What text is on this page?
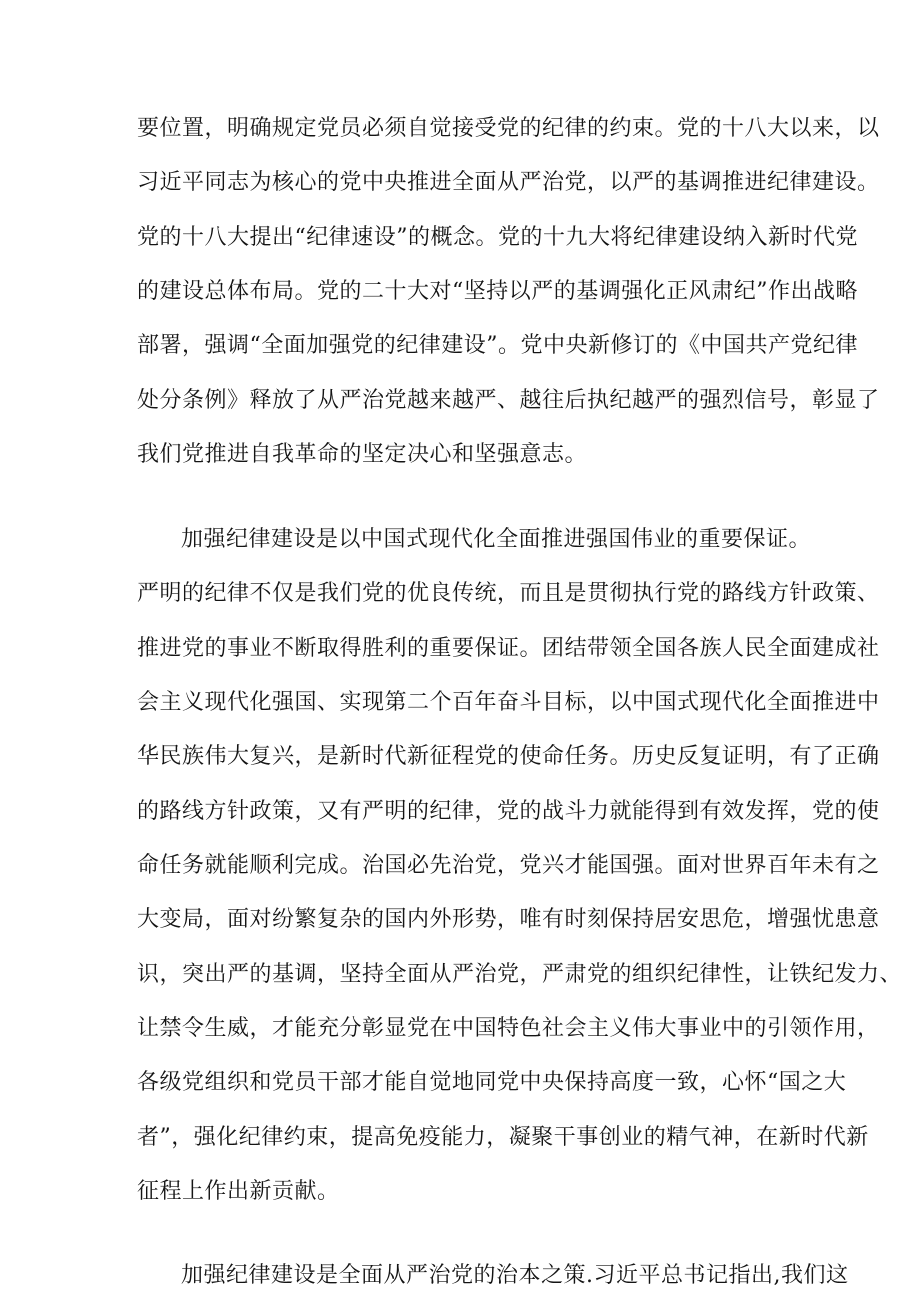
要位置，明确规定党员必须自觉接受党的纪律的约束。党的十八大以来，以
习近平同志为核心的党中央推进全面从严治党，以严的基调推进纪律建设。
党的十八大提出“纪律速设”的概念。党的十九大将纪律建设纳入新时代党
的建设总体布局。党的二十大对“坚持以严的基调强化正风肃纪”作出战略
部署，强调“全面加强党的纪律建设”。党中央新修订的《中国共产党纪律
处分条例》释放了从严治党越来越严、越往后执纪越严的强烈信号，彰显了
我们党推进自我革命的坚定决心和坚强意志。
加强纪律建设是以中国式现代化全面推进强国伟业的重要保证。
严明的纪律不仅是我们党的优良传统，而且是贯彻执行党的路线方针政策、
推进党的事业不断取得胜利的重要保证。团结带领全国各族人民全面建成社
会主义现代化强国、实现第二个百年奋斗目标，以中国式现代化全面推进中
华民族伟大复兴，是新时代新征程党的使命任务。历史反复证明，有了正确
的路线方针政策，又有严明的纪律，党的战斗力就能得到有效发挥，党的使
命任务就能顺利完成。治国必先治党，党兴才能国强。面对世界百年未有之
大变局，面对纷繁复杂的国内外形势，唯有时刻保持居安思危，增强忧患意
识，突出严的基调，坚持全面从严治党，严肃党的组织纪律性，让铁纪发力、
让禁令生威，才能充分彰显党在中国特色社会主义伟大事业中的引领作用，
各级党组织和党员干部才能自觉地同党中央保持高度一致，心怀“国之大
者”，强化纪律约束，提高免疫能力，凝聚干事创业的精气神，在新时代新
征程上作出新贡献。
加强纪律建设是全面从严治党的治本之策.习近平总书记指出,我们这
